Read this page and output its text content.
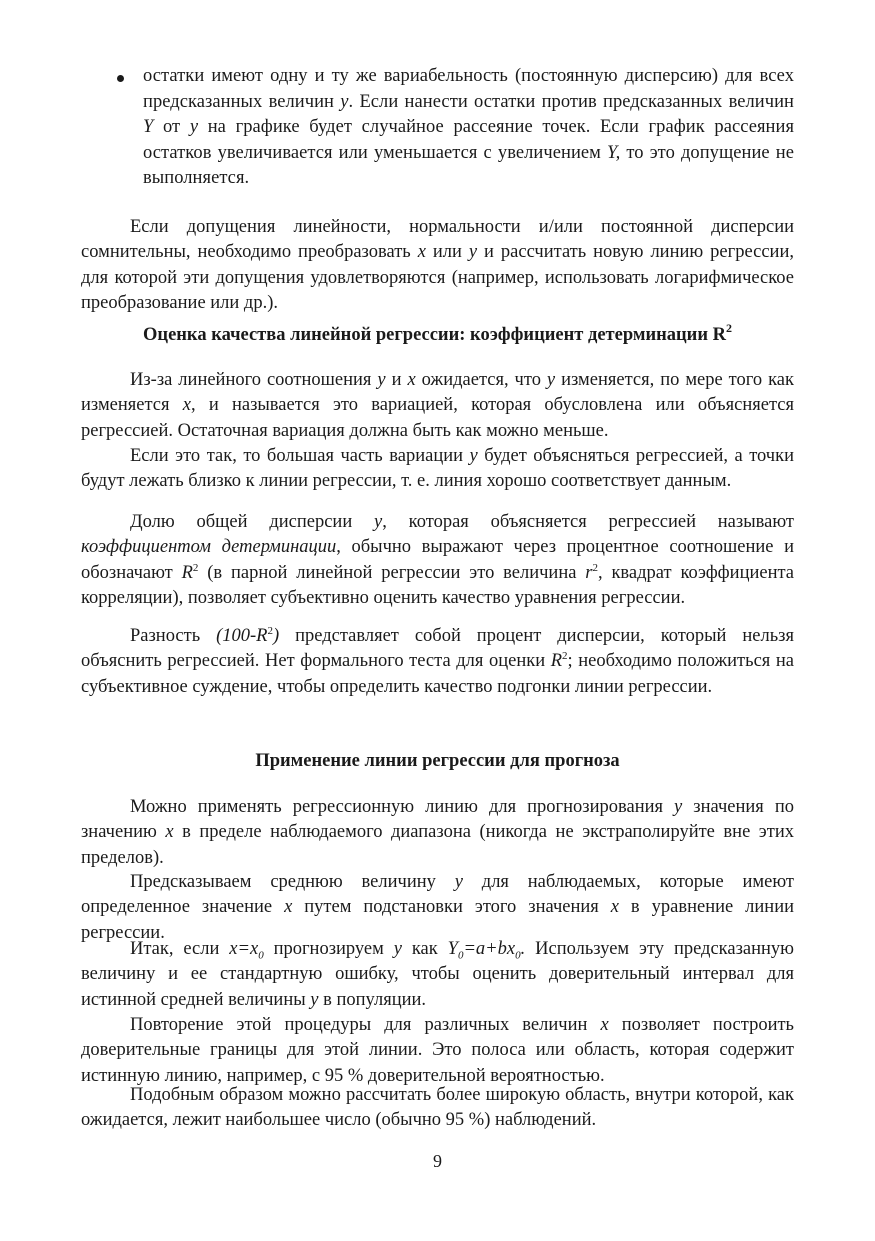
остатки имеют одну и ту же вариабельность (постоянную дисперсию) для всех предсказанных величин y. Если нанести остатки против предсказанных величин Y от y на графике будет случайное рассеяние точек. Если график рассеяния остатков увеличивается или уменьшается с увеличением Y, то это допущение не выполняется.

Если допущения линейности, нормальности и/или постоянной дисперсии сомнительны, необходимо преобразовать x или y и рассчитать новую линию регрессии, для которой эти допущения удовлетворяются (например, использовать логарифмическое преобразование или др.).

Оценка качества линейной регрессии: коэффициент детерминации $R^2$

Из-за линейного соотношения y и x ожидается, что y изменяется, по мере того как изменяется x, и называется это вариацией, которая обусловлена или объясняется регрессией. Остаточная вариация должна быть как можно меньше.

Если это так, то большая часть вариации y будет объясняться регрессией, а точки будут лежать близко к линии регрессии, т. е. линия хорошо соответствует данным.

Долю общей дисперсии y, которая объясняется регрессией называют коэффициентом детерминации, обычно выражают через процентное соотношение и обозначают $R^2$ (в парной линейной регрессии это величина $r^2$, квадрат коэффициента корреляции), позволяет субъективно оценить качество уравнения регрессии.

Разность $(100-R^2)$ представляет собой процент дисперсии, который нельзя объяснить регрессией. Нет формального теста для оценки $R^2$; необходимо положиться на субъективное суждение, чтобы определить качество подгонки линии регрессии.

Применение линии регрессии для прогноза

Можно применять регрессионную линию для прогнозирования y значения по значению x в пределе наблюдаемого диапазона (никогда не экстраполируйте вне этих пределов).

Предсказываем среднюю величину y для наблюдаемых, которые имеют определенное значение x путем подстановки этого значения x в уравнение линии регрессии.

Итак, если $x=x_0$ прогнозируем y как $Y_0=a+bx_0$. Используем эту предсказанную величину и ее стандартную ошибку, чтобы оценить доверительный интервал для истинной средней величины y в популяции.

Повторение этой процедуры для различных величин x позволяет построить доверительные границы для этой линии. Это полоса или область, которая содержит истинную линию, например, с 95 % доверительной вероятностью.

Подобным образом можно рассчитать более широкую область, внутри которой, как ожидается, лежит наибольшее число (обычно 95 %) наблюдений.

9
